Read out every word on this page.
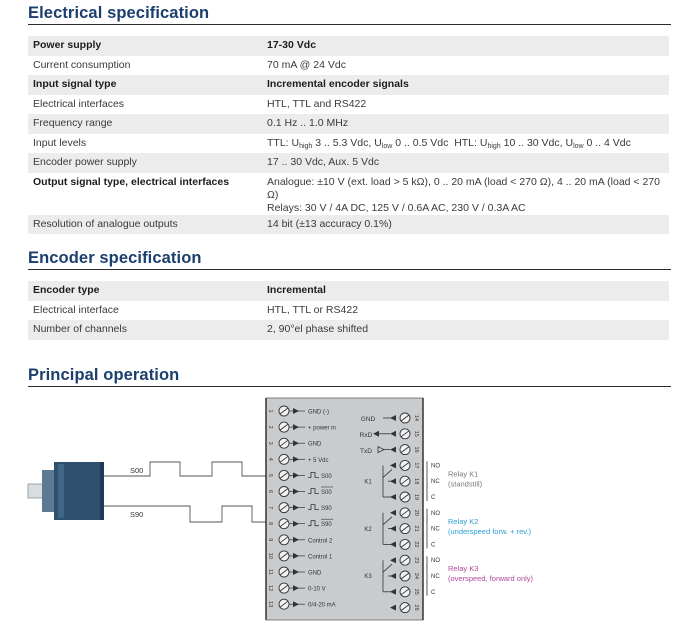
Electrical specification
Power supply	17-30 Vdc
Current consumption	70 mA @ 24 Vdc
Input signal type	Incremental encoder signals
Electrical interfaces	HTL, TTL and RS422
Frequency range	0.1 Hz .. 1.0 MHz
Input levels	TTL: $U_{high}$ 3 .. 5.3 Vdc, $U_{low}$ 0 .. 0.5 Vdc HTL: $U_{high}$ 10 .. 30 Vdc, $U_{low}$ 0 .. 4 Vdc
Encoder power supply	17 .. 30 Vdc, Aux. 5 Vdc
Output signal type, electrical interfaces	Analogue: ±10 V (ext. load > 5 kΩ), 0 .. 20 mA (load < 270 Ω), 4 .. 20 mA (load < 270 Ω)
Relays: 30 V / 4A DC, 125 V / 0.6A AC, 230 V / 0.3A AC

Resolution of analogue outputs	14 bit (±13 accuracy 0.1%)
Encoder specification
Encoder type	Incremental
Electrical interface	HTL, TTL or RS422
Number of channels	2, 90°el phase shifted
Principal operation
1	GND (-)
2	+ power in
3	GND
4	+ 5 Vdc
5	S00
6	S00
7	S90
8	S90
9	Control 2
10	Control 1
11	GND
12	0-10 V
13	0/4-20 mA
14
15
16
17
18
19
20
21
22
23
24
25
26
K1
NO
NC
C
Relay K1
(standstill)
K2
NO
NC
C
Relay K2
(underspeed forw. + rev.)
K3
NO
NC
C
Relay K3
(overspeed, forward only)
S00
S90
GND
RxD
TxD
